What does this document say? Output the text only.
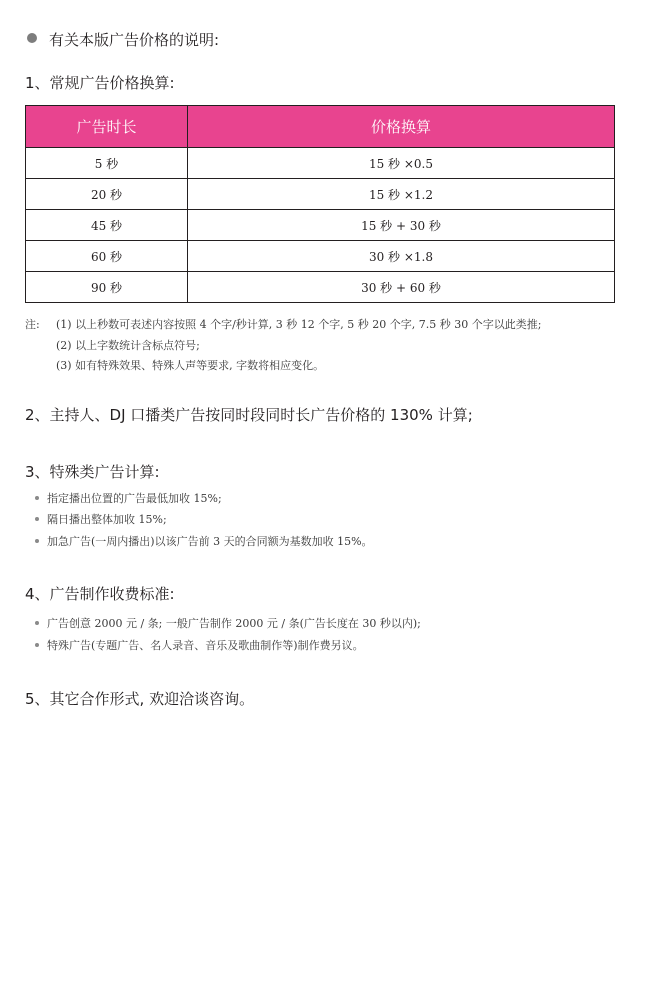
有关本版广告价格的说明:
1、常规广告价格换算:
广告时长	价格换算
5 秒	15 秒 ×0.5
20 秒	15 秒 ×1.2
45 秒	15 秒 + 30 秒
60 秒	30 秒 ×1.8
90 秒	30 秒 + 60 秒
注: (1) 以上秒数可表述内容按照 4 个字/秒计算, 3 秒 12 个字, 5 秒 20 个字, 7.5 秒 30 个字以此类推;
(2) 以上字数统计含标点符号;
(3) 如有特殊效果、特殊人声等要求, 字数将相应变化。
2、主持人、DJ 口播类广告按同时段同时长广告价格的 130% 计算;
3、特殊类广告计算:
指定播出位置的广告最低加收 15%;
隔日播出整体加收 15%;
加急广告(一周内播出)以该广告前 3 天的合同额为基数加收 15%。
4、广告制作收费标准:
广告创意 2000 元 / 条; 一般广告制作 2000 元 / 条(广告长度在 30 秒以内);
特殊广告(专题广告、名人录音、音乐及歌曲制作等)制作费另议。
5、其它合作形式, 欢迎洽谈咨询。
